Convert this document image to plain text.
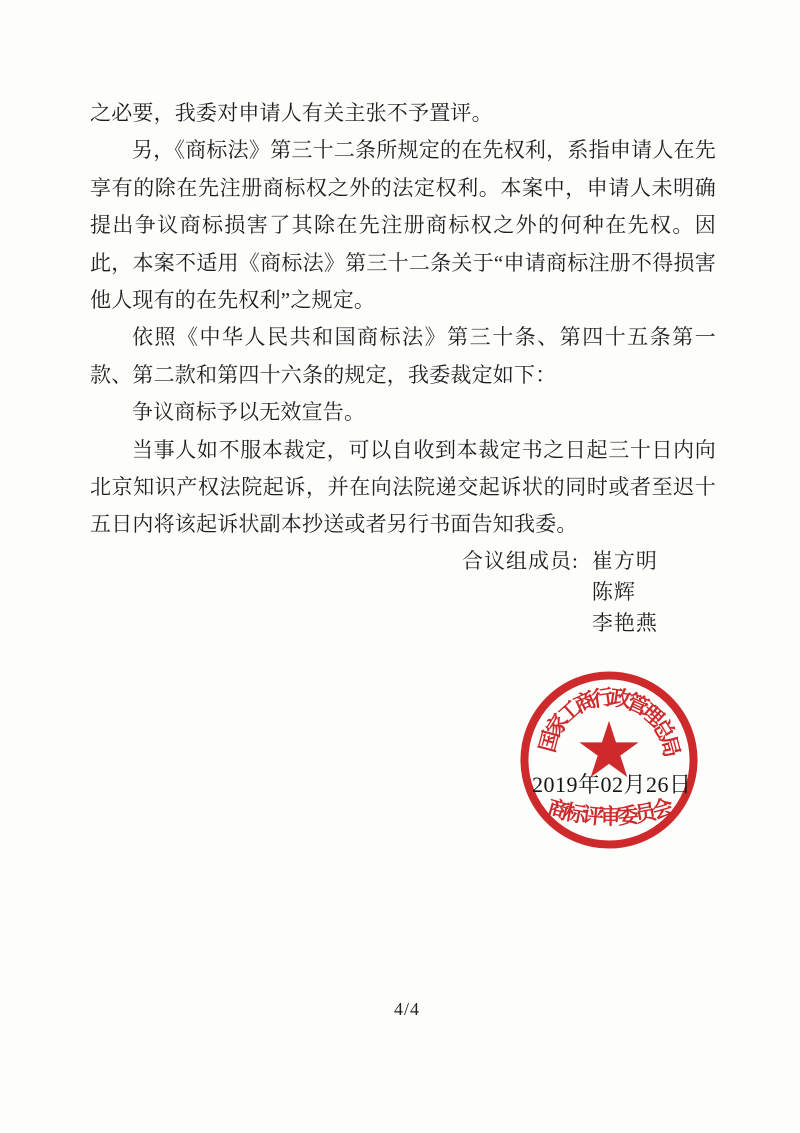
之必要，我委对申请人有关主张不予置评。

另，《商标法》第三十二条所规定的在先权利，系指申请人在先享有的除在先注册商标权之外的法定权利。本案中，申请人未明确提出争议商标损害了其除在先注册商标权之外的何种在先权。因此，本案不适用《商标法》第三十二条关于“申请商标注册不得损害他人现有的在先权利”之规定。

依照《中华人民共和国商标法》第三十条、第四十五条第一款、第二款和第四十六条的规定，我委裁定如下：

争议商标予以无效宣告。

当事人如不服本裁定，可以自收到本裁定书之日起三十日内向北京知识产权法院起诉，并在向法院递交起诉状的同时或者至迟十五日内将该起诉状副本抄送或者另行书面告知我委。

合议组成员: 崔方明
陈辉
李艳燕
国家工商行政管理总局
商标评审委员会
2019年02月26日
4/4
